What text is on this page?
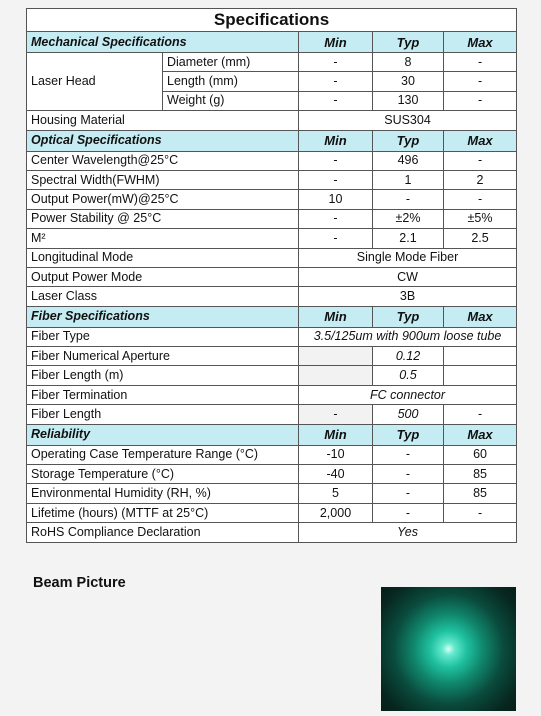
Specifications				
Mechanical Specifications		Min	Typ	Max
Laser Head	Diameter (mm)	-	8	-
	Length (mm)	-	30	-
	Weight (g)	-	130	-
Housing Material		SUS304		
Optical Specifications		Min	Typ	Max
Center Wavelength@25°C		-	496	-
Spectral Width(FWHM)		-	1	2
Output Power(mW)@25°C		10	-	-
Power Stability @ 25°C		-	±2%	±5%
M²		-	2.1	2.5
Longitudinal Mode		Single Mode Fiber		
Output Power Mode		CW		
Laser Class		3B		
Fiber Specifications		Min	Typ	Max
Fiber Type		3.5/125um with 900um loose tube		
Fiber Numerical Aperture			0.12	
Fiber Length (m)			0.5	
Fiber Termination		FC connector		
Fiber Length		-	500	-
Reliability		Min	Typ	Max
Operating Case Temperature Range (°C)		-10	-	60
Storage Temperature (°C)		-40	-	85
Environmental Humidity (RH, %)		5	-	85
Lifetime (hours) (MTTF at 25°C)		2,000	-	-
RoHS Compliance Declaration		Yes		
Beam Picture
